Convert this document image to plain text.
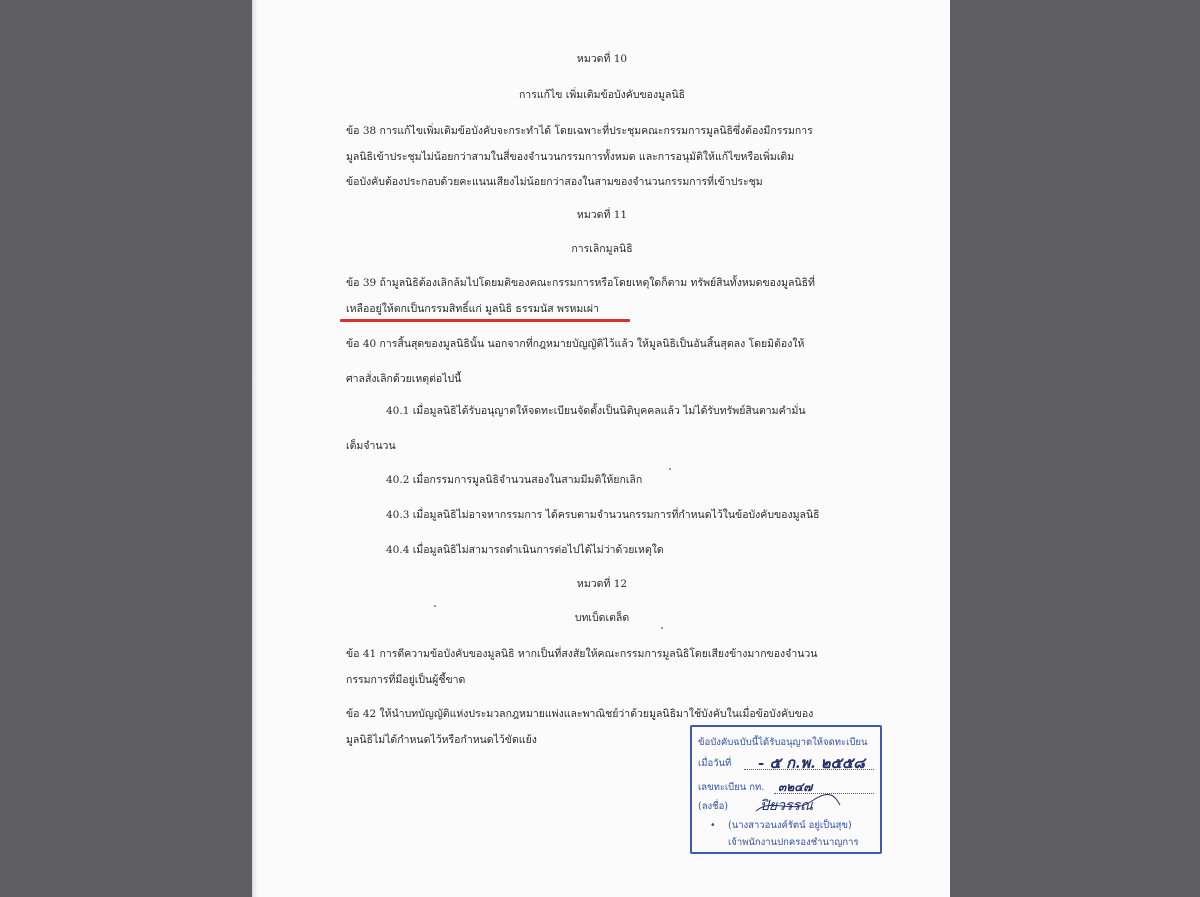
หมวดที่ 10
การแก้ไข เพิ่มเติมข้อบังคับของมูลนิธิ
ข้อ 38 การแก้ไขเพิ่มเติมข้อบังคับจะกระทำได้ โดยเฉพาะที่ประชุมคณะกรรมการมูลนิธิซึ่งต้องมีกรรมการ
มูลนิธิเข้าประชุมไม่น้อยกว่าสามในสี่ของจำนวนกรรมการทั้งหมด และการอนุมัติให้แก้ไขหรือเพิ่มเติม
ข้อบังคับต้องประกอบด้วยคะแนนเสียงไม่น้อยกว่าสองในสามของจำนวนกรรมการที่เข้าประชุม
หมวดที่ 11
การเลิกมูลนิธิ
ข้อ 39 ถ้ามูลนิธิต้องเลิกล้มไปโดยมติของคณะกรรมการหรือโดยเหตุใดก็ตาม ทรัพย์สินทั้งหมดของมูลนิธิที่
เหลืออยู่ให้ตกเป็นกรรมสิทธิ์แก่ มูลนิธิ ธรรมนัส พรหมเผ่า
ข้อ 40 การสิ้นสุดของมูลนิธินั้น นอกจากที่กฎหมายบัญญัติไว้แล้ว ให้มูลนิธิเป็นอันสิ้นสุดลง โดยมิต้องให้
ศาลสั่งเลิกด้วยเหตุต่อไปนี้
40.1 เมื่อมูลนิธิได้รับอนุญาตให้จดทะเบียนจัดตั้งเป็นนิติบุคคลแล้ว ไม่ได้รับทรัพย์สินตามคำมั่น
เต็มจำนวน
40.2 เมื่อกรรมการมูลนิธิจำนวนสองในสามมีมติให้ยกเลิก
40.3 เมื่อมูลนิธิไม่อาจหากรรมการ ได้ครบตามจำนวนกรรมการที่กำหนดไว้ในข้อบังคับของมูลนิธิ
40.4 เมื่อมูลนิธิไม่สามารถดำเนินการต่อไปได้ไม่ว่าด้วยเหตุใด
หมวดที่ 12
บทเบ็ดเตล็ด
ข้อ 41 การตีความข้อบังคับของมูลนิธิ หากเป็นที่สงสัยให้คณะกรรมการมูลนิธิโดยเสียงข้างมากของจำนวน
กรรมการที่มีอยู่เป็นผู้ชี้ขาด
ข้อ 42 ให้นำบทบัญญัติแห่งประมวลกฎหมายแพ่งและพาณิชย์ว่าด้วยมูลนิธิมาใช้บังคับในเมื่อข้อบังคับของ
มูลนิธิไม่ได้กำหนดไว้หรือกำหนดไว้ขัดแย้ง	ข้อบังคับฉบับนี้ได้รับอนุญาตให้จดทะเบียน
เมื่อวันที่ - ๕ ก.พ. ๒๕๕๘
เลขทะเบียน กท. ๓๒๔๗
(ลงชื่อ) ปิยวรรณ
• (นางสาวอนงค์รัตน์ อยู่เป็นสุข)
เจ้าพนักงานปกครองชำนาญการ
